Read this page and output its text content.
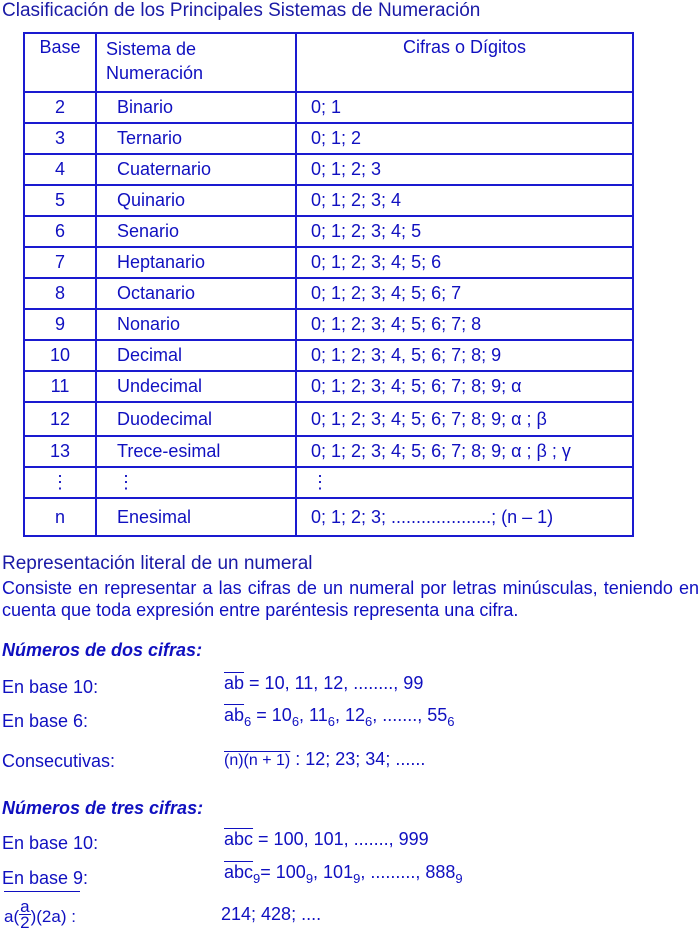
Clasificación de los Principales Sistemas de Numeración
Base	Sistema de Numeración	Cifras o Dígitos
2	Binario	0; 1
3	Ternario	0; 1; 2
4	Cuaternario	0; 1; 2; 3
5	Quinario	0; 1; 2; 3; 4
6	Senario	0; 1; 2; 3; 4; 5
7	Heptanario	0; 1; 2; 3; 4; 5; 6
8	Octanario	0; 1; 2; 3; 4; 5; 6; 7
9	Nonario	0; 1; 2; 3; 4; 5; 6; 7; 8
10	Decimal	0; 1; 2; 3; 4, 5; 6; 7; 8; 9
11	Undecimal	0; 1; 2; 3; 4; 5; 6; 7; 8; 9; α
12	Duodecimal	0; 1; 2; 3; 4; 5; 6; 7; 8; 9; α ; β
13	Trece-esimal	0; 1; 2; 3; 4; 5; 6; 7; 8; 9; α ; β ; γ
⋮	⋮	⋮
n	Enesimal	0; 1; 2; 3; ....................; (n – 1)
Representación literal de un numeral
Consiste en representar a las cifras de un numeral por letras minúsculas, teniendo en cuenta que toda expresión entre paréntesis representa una cifra.
Números de dos cifras:
En base 10:	$\overline{ab} = 10$, 11, 12, ........, 99
En base 6:	$\overline{ab}_6 = 10_6$, $11_6$, $12_6$, ......., $55_6$
Consecutivas:	(n)(n + 1) : 12; 23; 34; ......
Números de tres cifras:
En base 10:	$\overline{abc} = 100$, 101, ......., 999
En base 9:	$\overline{abc}_9= 100_9$, $101_9$, ........., $888_9$
$a( \frac{a}{2} )(2a)$ :	214; 428; ....
